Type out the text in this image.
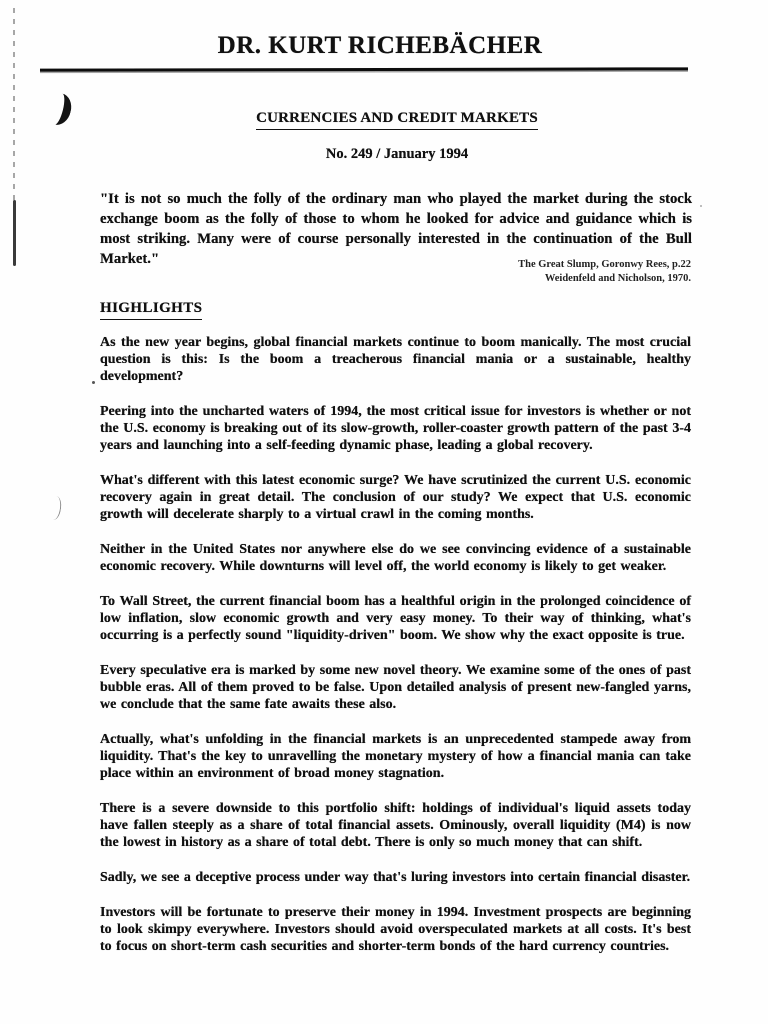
DR. KURT RICHEBÄCHER
CURRENCIES AND CREDIT MARKETS
No. 249 / January 1994
"It is not so much the folly of the ordinary man who played the market during the stock exchange boom as the folly of those to whom he looked for advice and guidance which is most striking. Many were of course personally interested in the continuation of the Bull Market."	The Great Slump, Goronwy Rees, p.22
Weidenfeld and Nicholson, 1970.
HIGHLIGHTS

As the new year begins, global financial markets continue to boom manically. The most crucial question is this: Is the boom a treacherous financial mania or a sustainable, healthy development?

Peering into the uncharted waters of 1994, the most critical issue for investors is whether or not the U.S. economy is breaking out of its slow-growth, roller-coaster growth pattern of the past 3-4 years and launching into a self-feeding dynamic phase, leading a global recovery.

What's different with this latest economic surge? We have scrutinized the current U.S. economic recovery again in great detail. The conclusion of our study? We expect that U.S. economic growth will decelerate sharply to a virtual crawl in the coming months.

Neither in the United States nor anywhere else do we see convincing evidence of a sustainable economic recovery. While downturns will level off, the world economy is likely to get weaker.

To Wall Street, the current financial boom has a healthful origin in the prolonged coincidence of low inflation, slow economic growth and very easy money. To their way of thinking, what's occurring is a perfectly sound "liquidity-driven" boom. We show why the exact opposite is true.

Every speculative era is marked by some new novel theory. We examine some of the ones of past bubble eras. All of them proved to be false. Upon detailed analysis of present new-fangled yarns, we conclude that the same fate awaits these also.

Actually, what's unfolding in the financial markets is an unprecedented stampede away from liquidity. That's the key to unravelling the monetary mystery of how a financial mania can take place within an environment of broad money stagnation.

There is a severe downside to this portfolio shift: holdings of individual's liquid assets today have fallen steeply as a share of total financial assets. Ominously, overall liquidity (M4) is now the lowest in history as a share of total debt. There is only so much money that can shift.

Sadly, we see a deceptive process under way that's luring investors into certain financial disaster.

Investors will be fortunate to preserve their money in 1994. Investment prospects are beginning to look skimpy everywhere. Investors should avoid overspeculated markets at all costs. It's best to focus on short-term cash securities and shorter-term bonds of the hard currency countries.
